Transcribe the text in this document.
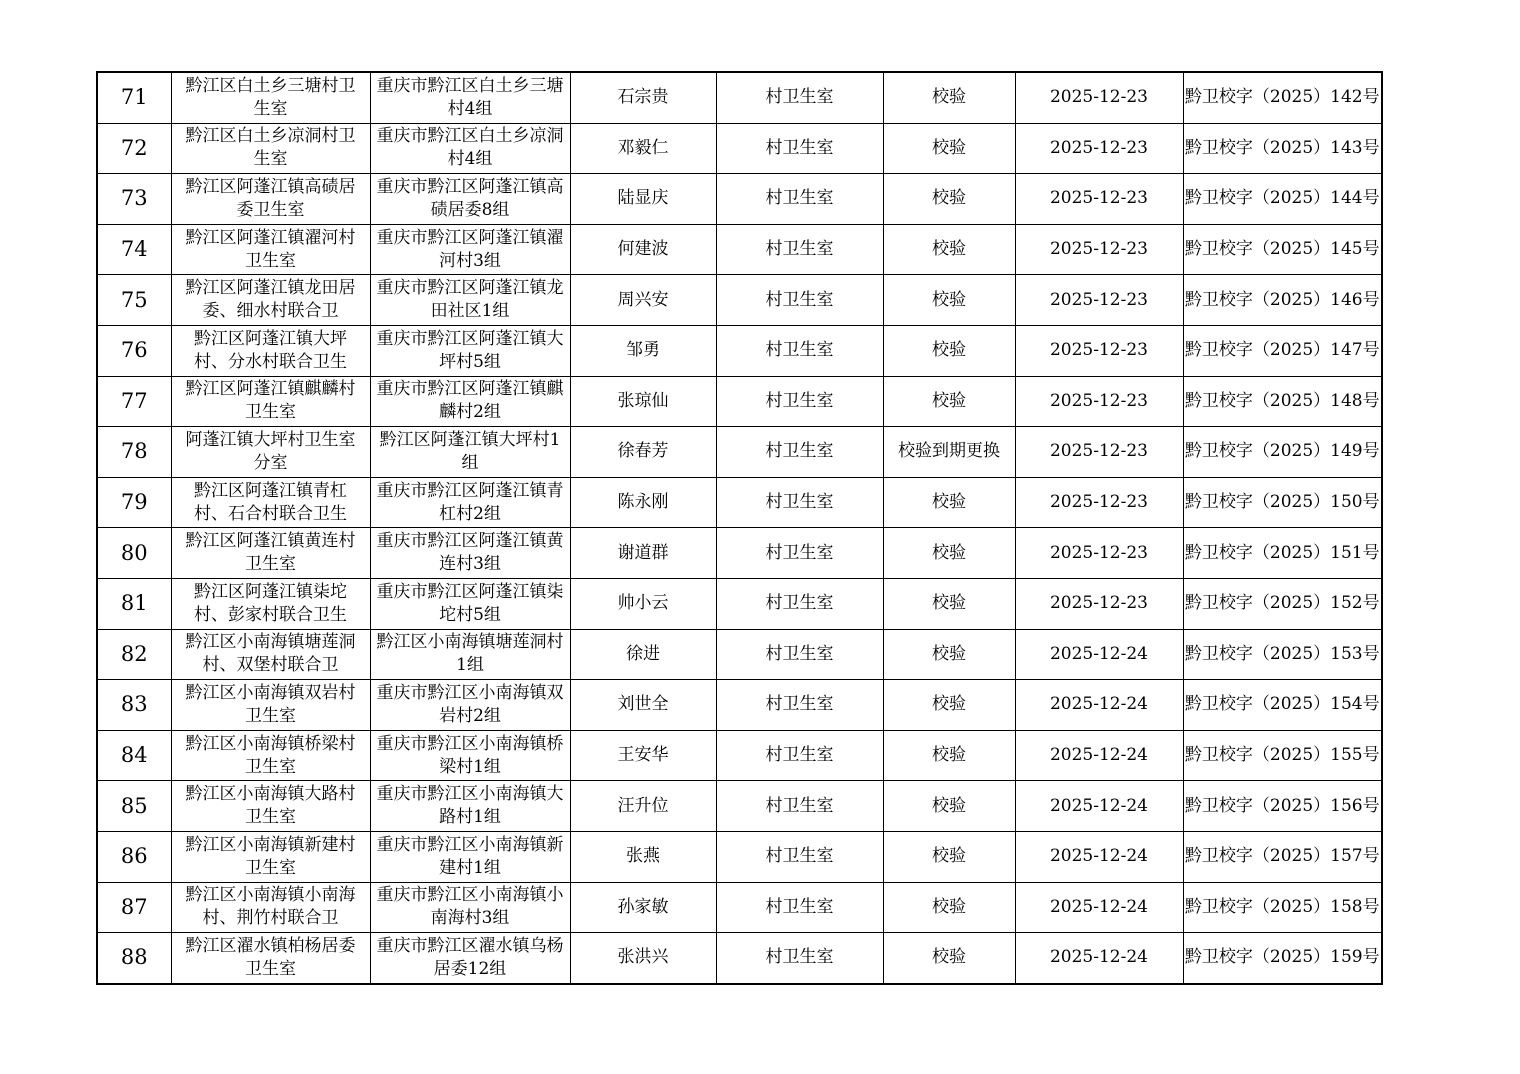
71	黔江区白土乡三塘村卫生室	重庆市黔江区白土乡三塘村4组	石宗贵	村卫生室	校验	2025-12-23	黔卫校字（2025）142号

72	黔江区白土乡凉洞村卫生室	重庆市黔江区白土乡凉洞村4组	邓毅仁	村卫生室	校验	2025-12-23	黔卫校字（2025）143号

73	黔江区阿蓬江镇高碛居委卫生室	重庆市黔江区阿蓬江镇高碛居委8组	陆显庆	村卫生室	校验	2025-12-23	黔卫校字（2025）144号

74	黔江区阿蓬江镇濯河村卫生室	重庆市黔江区阿蓬江镇濯河村3组	何建波	村卫生室	校验	2025-12-23	黔卫校字（2025）145号

75	黔江区阿蓬江镇龙田居委、细水村联合卫	重庆市黔江区阿蓬江镇龙田社区1组	周兴安	村卫生室	校验	2025-12-23	黔卫校字（2025）146号

76	黔江区阿蓬江镇大坪村、分水村联合卫生	重庆市黔江区阿蓬江镇大坪村5组	邹勇	村卫生室	校验	2025-12-23	黔卫校字（2025）147号

77	黔江区阿蓬江镇麒麟村卫生室	重庆市黔江区阿蓬江镇麒麟村2组	张琼仙	村卫生室	校验	2025-12-23	黔卫校字（2025）148号

78	阿蓬江镇大坪村卫生室分室	黔江区阿蓬江镇大坪村1组	徐春芳	村卫生室	校验到期更换	2025-12-23	黔卫校字（2025）149号

79	黔江区阿蓬江镇青杠村、石合村联合卫生	重庆市黔江区阿蓬江镇青杠村2组	陈永刚	村卫生室	校验	2025-12-23	黔卫校字（2025）150号

80	黔江区阿蓬江镇黄连村卫生室	重庆市黔江区阿蓬江镇黄连村3组	谢道群	村卫生室	校验	2025-12-23	黔卫校字（2025）151号

81	黔江区阿蓬江镇柒坨村、彭家村联合卫生	重庆市黔江区阿蓬江镇柒坨村5组	帅小云	村卫生室	校验	2025-12-23	黔卫校字（2025）152号

82	黔江区小南海镇塘莲洞村、双堡村联合卫	黔江区小南海镇塘莲洞村1组	徐进	村卫生室	校验	2025-12-24	黔卫校字（2025）153号

83	黔江区小南海镇双岩村卫生室	重庆市黔江区小南海镇双岩村2组	刘世全	村卫生室	校验	2025-12-24	黔卫校字（2025）154号

84	黔江区小南海镇桥梁村卫生室	重庆市黔江区小南海镇桥梁村1组	王安华	村卫生室	校验	2025-12-24	黔卫校字（2025）155号

85	黔江区小南海镇大路村卫生室	重庆市黔江区小南海镇大路村1组	汪升位	村卫生室	校验	2025-12-24	黔卫校字（2025）156号

86	黔江区小南海镇新建村卫生室	重庆市黔江区小南海镇新建村1组	张燕	村卫生室	校验	2025-12-24	黔卫校字（2025）157号

87	黔江区小南海镇小南海村、荆竹村联合卫	重庆市黔江区小南海镇小南海村3组	孙家敏	村卫生室	校验	2025-12-24	黔卫校字（2025）158号

88	黔江区濯水镇柏杨居委卫生室	重庆市黔江区濯水镇乌杨居委12组	张洪兴	村卫生室	校验	2025-12-24	黔卫校字（2025）159号
